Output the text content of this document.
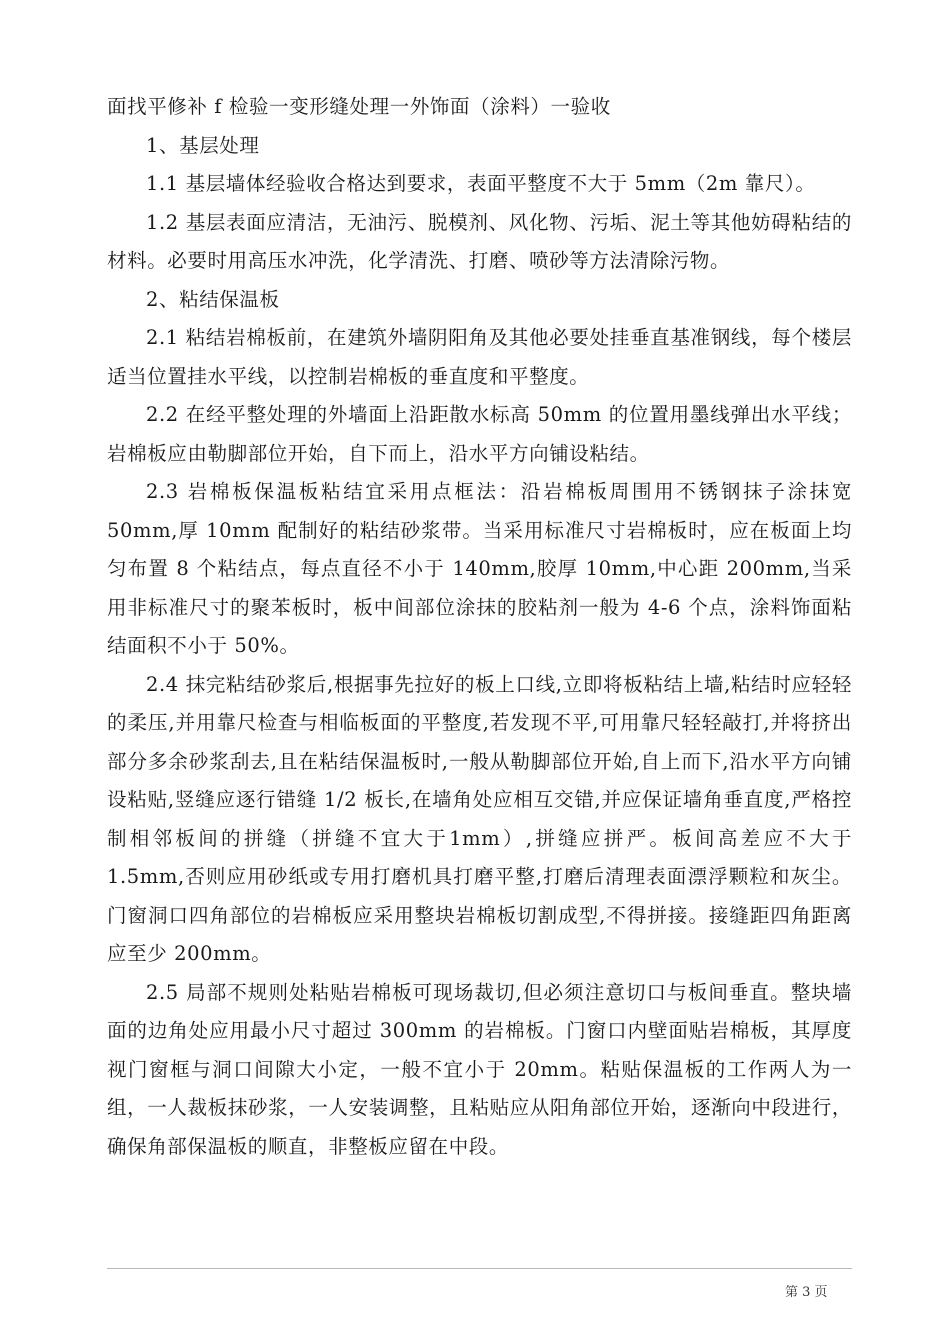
面找平修补 f 检验一变形缝处理一外饰面（涂料）一验收

1、基层处理

1.1 基层墙体经验收合格达到要求，表面平整度不大于 5mm（2m 靠尺）。

1.2 基层表面应清洁，无油污、脱模剂、风化物、污垢、泥土等其他妨碍粘结的材料。必要时用高压水冲洗，化学清洗、打磨、喷砂等方法清除污物。

2、粘结保温板

2.1 粘结岩棉板前，在建筑外墙阴阳角及其他必要处挂垂直基准钢线，每个楼层适当位置挂水平线，以控制岩棉板的垂直度和平整度。

2.2 在经平整处理的外墙面上沿距散水标高 50mm 的位置用墨线弹出水平线；岩棉板应由勒脚部位开始，自下而上，沿水平方向铺设粘结。

2.3 岩棉板保温板粘结宜采用点框法：沿岩棉板周围用不锈钢抹子涂抹宽 50mm,厚 10mm 配制好的粘结砂浆带。当采用标准尺寸岩棉板时，应在板面上均匀布置 8 个粘结点，每点直径不小于 140mm,胶厚 10mm,中心距 200mm,当采用非标准尺寸的聚苯板时，板中间部位涂抹的胶粘剂一般为 4-6 个点，涂料饰面粘结面积不小于 50%。

2.4 抹完粘结砂浆后,根据事先拉好的板上口线,立即将板粘结上墙,粘结时应轻轻的柔压,并用靠尺检查与相临板面的平整度,若发现不平,可用靠尺轻轻敲打,并将挤出部分多余砂浆刮去,且在粘结保温板时,一般从勒脚部位开始,自上而下,沿水平方向铺设粘贴,竖缝应逐行错缝 1/2 板长,在墙角处应相互交错,并应保证墙角垂直度,严格控制相邻板间的拼缝（拼缝不宜大于1mm）,拼缝应拼严。板间高差应不大于 1.5mm,否则应用砂纸或专用打磨机具打磨平整,打磨后清理表面漂浮颗粒和灰尘。门窗洞口四角部位的岩棉板应采用整块岩棉板切割成型,不得拼接。接缝距四角距离应至少 200mm。

2.5 局部不规则处粘贴岩棉板可现场裁切,但必须注意切口与板间垂直。整块墙面的边角处应用最小尺寸超过 300mm 的岩棉板。门窗口内壁面贴岩棉板，其厚度视门窗框与洞口间隙大小定，一般不宜小于 20mm。粘贴保温板的工作两人为一组，一人裁板抹砂浆，一人安装调整，且粘贴应从阳角部位开始，逐渐向中段进行，确保角部保温板的顺直，非整板应留在中段。

第 3 页
